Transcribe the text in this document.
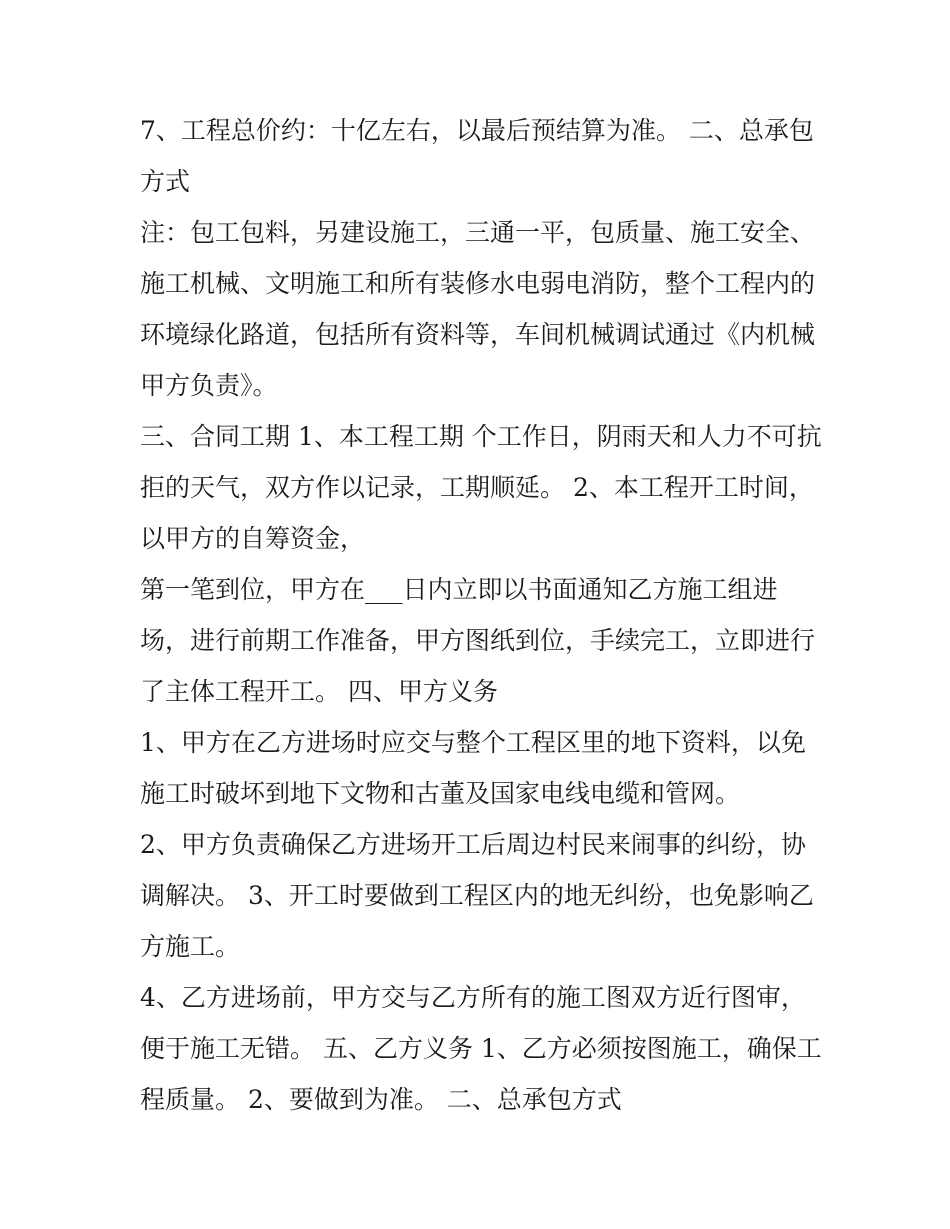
7、工程总价约：十亿左右，以最后预结算为准。 二、总承包
方式
注：包工包料，另建设施工，三通一平，包质量、施工安全、
施工机械、文明施工和所有装修水电弱电消防，整个工程内的
环境绿化路道，包括所有资料等，车间机械调试通过《内机械
甲方负责》。
三、合同工期 1、本工程工期 个工作日，阴雨天和人力不可抗
拒的天气，双方作以记录，工期顺延。 2、本工程开工时间，
以甲方的自筹资金，
第一笔到位，甲方在___日内立即以书面通知乙方施工组进
场，进行前期工作准备，甲方图纸到位，手续完工，立即进行
了主体工程开工。 四、甲方义务
1、甲方在乙方进场时应交与整个工程区里的地下资料，以免
施工时破坏到地下文物和古董及国家电线电缆和管网。
2、甲方负责确保乙方进场开工后周边村民来闹事的纠纷，协
调解决。 3、开工时要做到工程区内的地无纠纷，也免影响乙
方施工。
4、乙方进场前，甲方交与乙方所有的施工图双方近行图审，
便于施工无错。 五、乙方义务 1、乙方必须按图施工，确保工
程质量。 2、要做到为准。 二、总承包方式
